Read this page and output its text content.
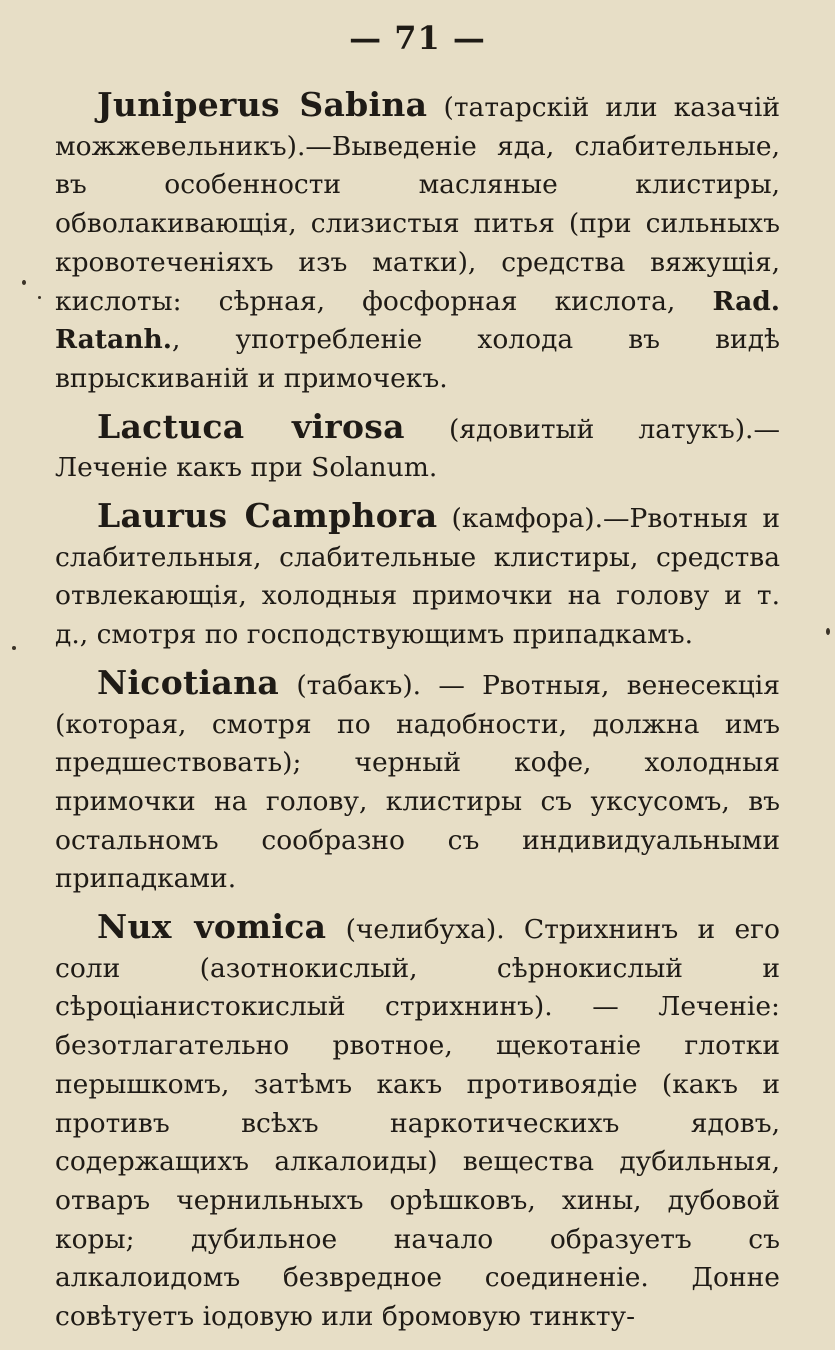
— 71 —

Juniperus Sabina (татарскій или казачій можжевельникъ).—Выведеніе яда, слабительные, въ особенности масляные клистиры, обволакивающія, слизистыя питья (при сильныхъ кровотеченіяхъ изъ матки), средства вяжущія, кислоты: сѣрная, фосфорная кислота, Rad. Ratanh., употребленіе холода въ видѣ впрыскиваній и примочекъ.

Lactuca virosa (ядовитый латукъ).—Леченіе какъ при Solanum.

Laurus Camphora (камфора).—Рвотныя и слабительныя, слабительные клистиры, средства отвлекающія, холодныя примочки на голову и т. д., смотря по господствующимъ припадкамъ.

Nicotiana (табакъ). — Рвотныя, венесекція (которая, смотря по надобности, должна имъ предшествовать); черный кофе, холодныя примочки на голову, клистиры съ уксусомъ, въ остальномъ сообразно съ индивидуальными припадками.

Nux vomica (челибуха). Стрихнинъ и его соли (азотнокислый, сѣрнокислый и сѣроціанистокислый стрихнинъ). — Леченіе: безотлагательно рвотное, щекотаніе глотки перышкомъ, затѣмъ какъ противоядіе (какъ и противъ всѣхъ наркотическихъ ядовъ, содержащихъ алкалоиды) вещества дубильныя, отваръ чернильныхъ орѣшковъ, хины, дубовой коры; дубильное начало образуетъ съ алкалоидомъ безвредное соединеніе. Донне совѣтуетъ іодовую или бромовую тинкту-
